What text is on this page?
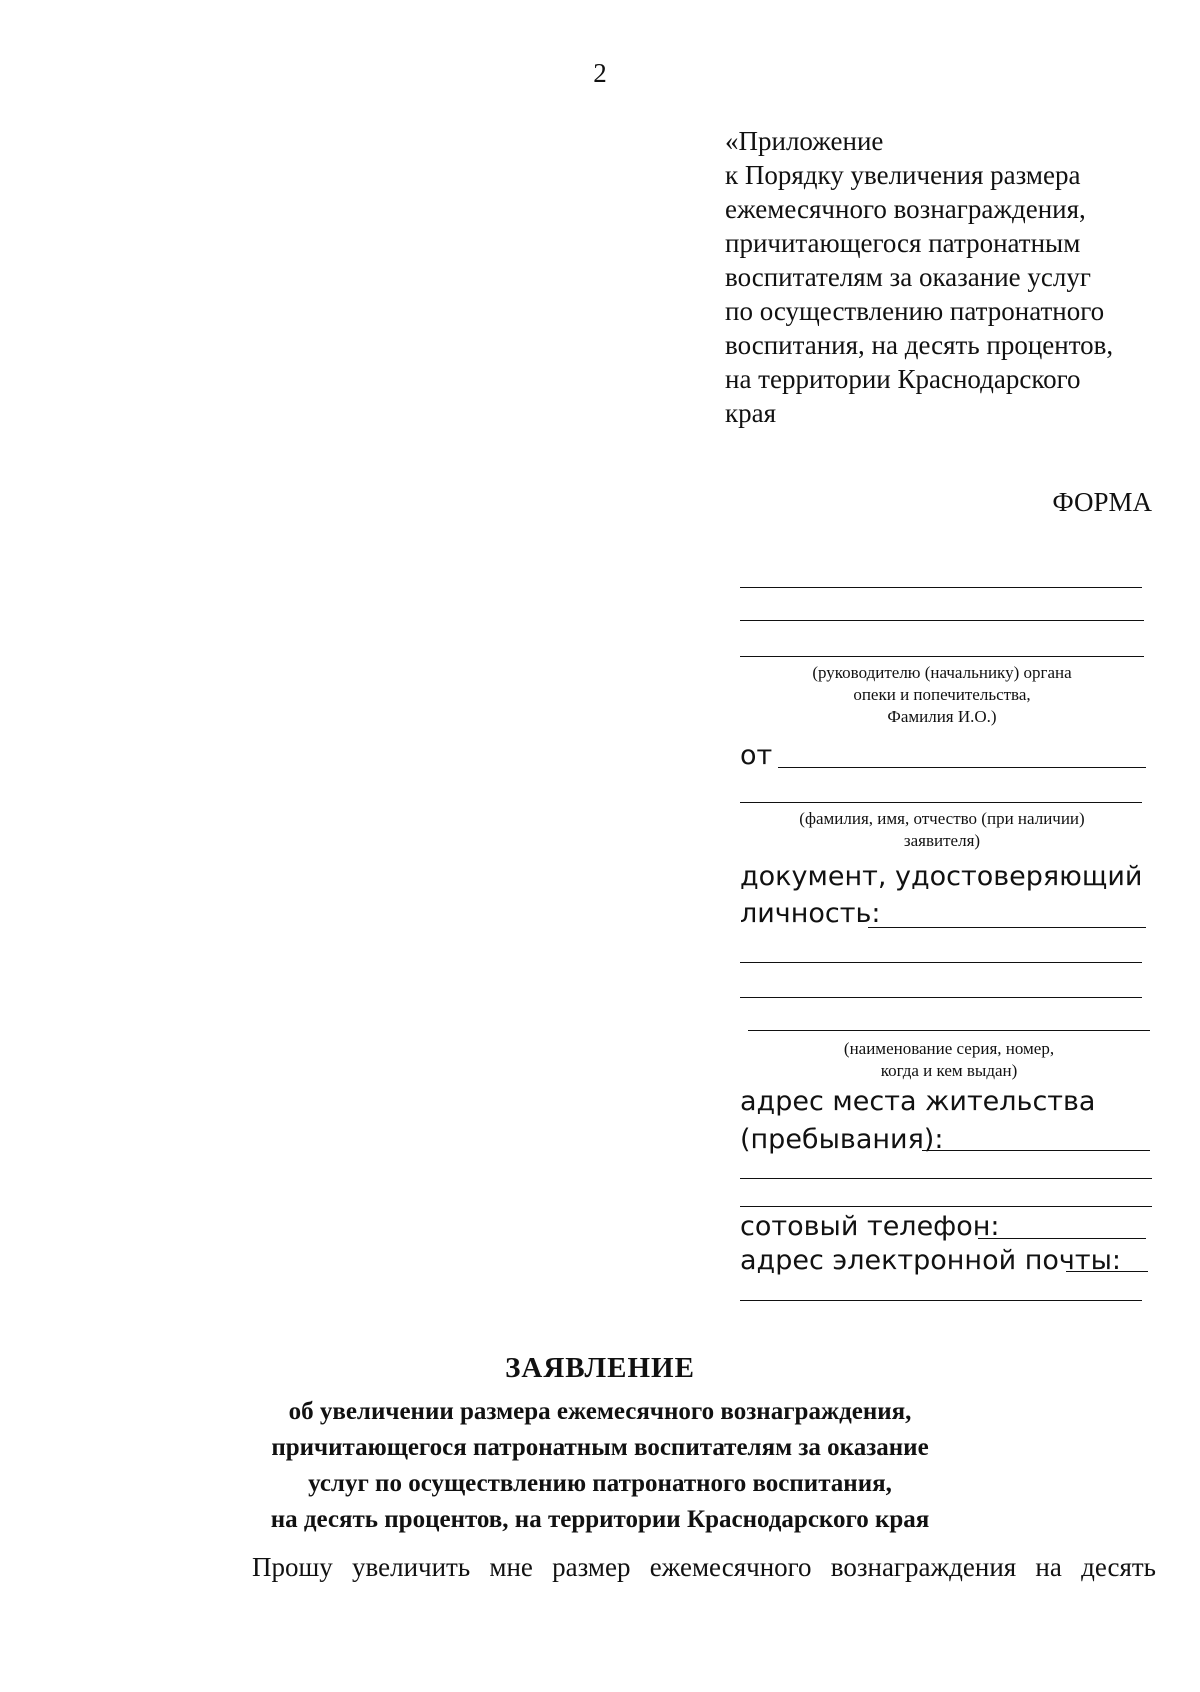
2
«Приложение
к Порядку увеличения размера
ежемесячного вознаграждения,
причитающегося патронатным
воспитателям за оказание услуг
по осуществлению патронатного
воспитания, на десять процентов,
на территории Краснодарского
края
ФОРМА
(руководителю (начальнику) органа
опеки и попечительства,
Фамилия И.О.)
от
(фамилия, имя, отчество (при наличии)
заявителя)
документ, удостоверяющий
личность:
(наименование серия, номер,
когда и кем выдан)
адрес места жительства
(пребывания):
сотовый телефон:
адрес электронной почты:
ЗАЯВЛЕНИЕ
об увеличении размера ежемесячного вознаграждения,
причитающегося патронатным воспитателям за оказание
услуг по осуществлению патронатного воспитания,
на десять процентов, на территории Краснодарского края
Прошу увеличить мне размер ежемесячного вознаграждения на десять
